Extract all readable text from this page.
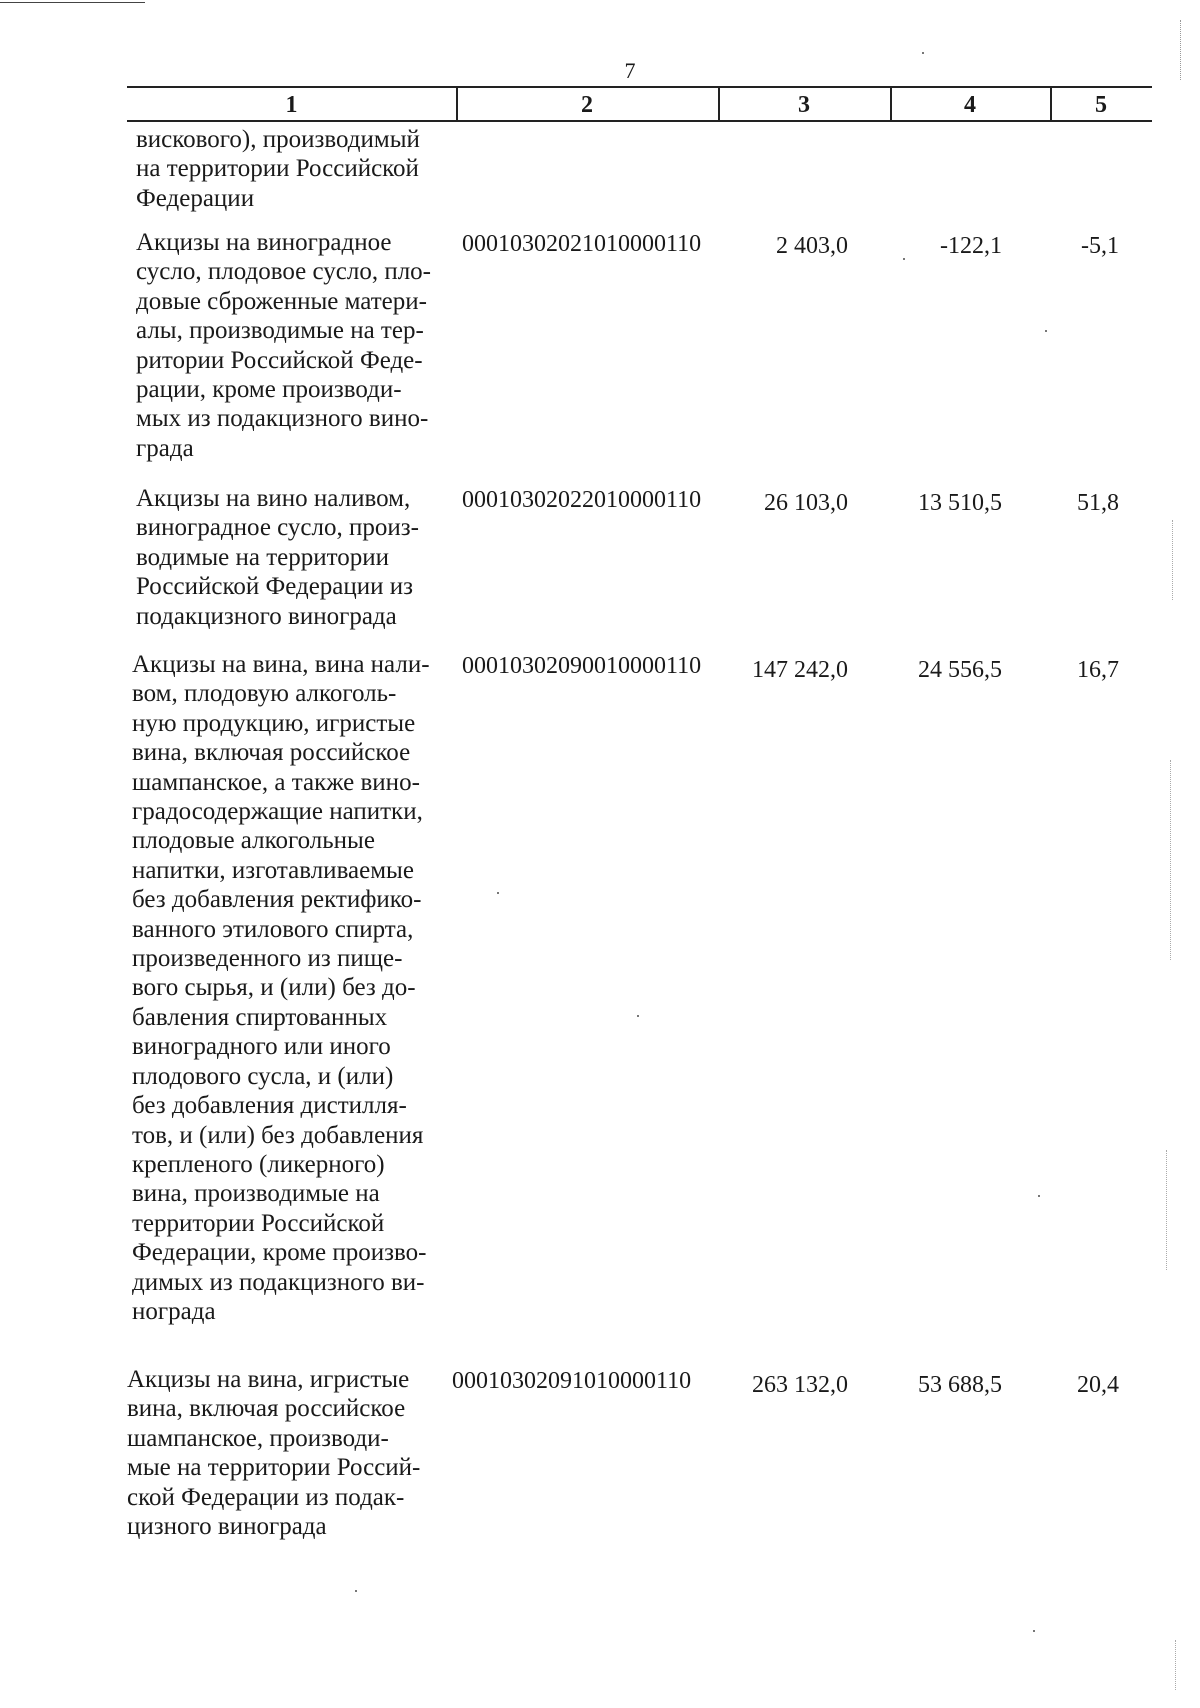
7
1	2	3	4	5
вискового), производимый
на территории Российской
Федерации
Акцизы на виноградное
сусло, плодовое сусло, пло-
довые сброженные матери-
алы, производимые на тер-
ритории Российской Феде-
рации, кроме производи-
мых из подакцизного вино-
града
00010302021010000110	2 403,0	-122,1	-5,1
Акцизы на вино наливом,
виноградное сусло, произ-
водимые на территории
Российской Федерации из
подакцизного винограда
00010302022010000110	26 103,0	13 510,5	51,8
Акцизы на вина, вина нали-
вом, плодовую алкоголь-
ную продукцию, игристые
вина, включая российское
шампанское, а также вино-
градосодержащие напитки,
плодовые алкогольные
напитки, изготавливаемые
без добавления ректифико-
ванного этилового спирта,
произведенного из пище-
вого сырья, и (или) без до-
бавления спиртованных
виноградного или иного
плодового сусла, и (или)
без добавления дистилля-
тов, и (или) без добавления
крепленого (ликерного)
вина, производимые на
территории Российской
Федерации, кроме произво-
димых из подакцизного ви-
нограда
00010302090010000110 147 242,0	24 556,5	16,7
Акцизы на вина, игристые
вина, включая российское
шампанское, производи-
мые на территории Россий-
ской Федерации из подак-
цизного винограда
00010302091010000110	263 132,0	53 688,5	20,4
